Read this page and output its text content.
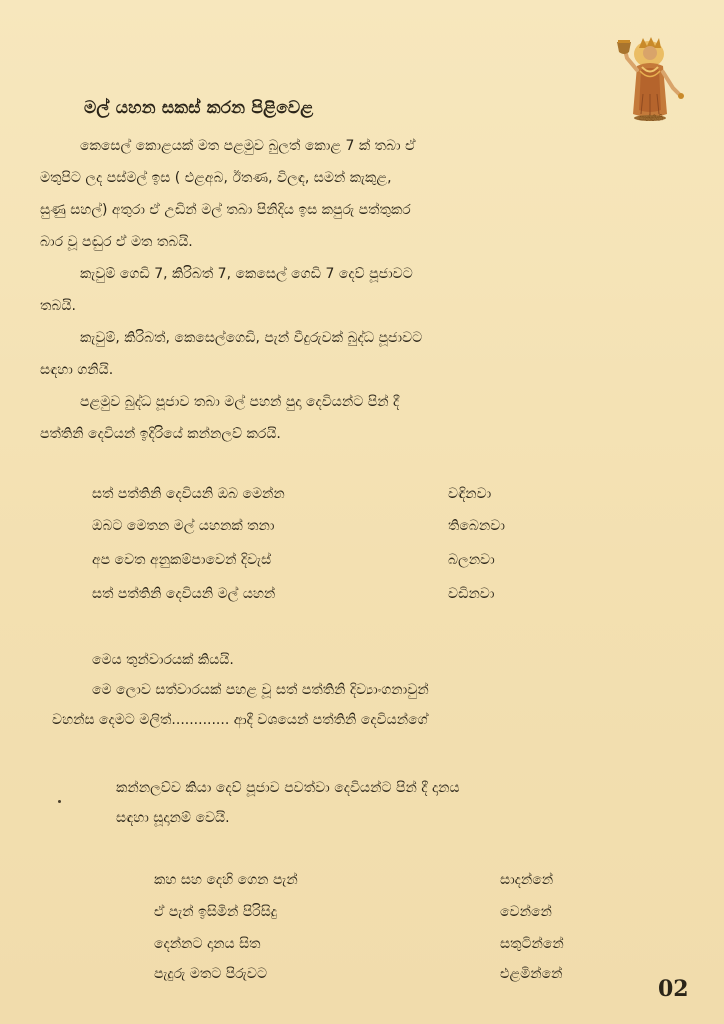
පත්තිනි
මල් යහන සකස් කරන පිළිවෙළ
කෙසෙල් කොළයක් මත පළමුව බුලත් කොළ 7 ක් තබා ඒ
මතුපිට ලද පස්මල් ඉස ( එළඅබ, ඊතණ, විලඳ, සමන් කැකුළ,
සුණු සහල්) අතුරා ඒ උඩින් මල් තබා පිනිදිය ඉස කපුරු පත්තුකර
බාර වූ පඬුර ඒ මත තබයි.
කැවුම් ගෙඩි 7, කිරිබත් 7, කෙසෙල් ගෙඩි 7 දෙව් පූජාවට
තබයි.
කැවුම්, කිරිබත්, කෙසෙල්ගෙඩි, පැන් වීදුරුවක් බුද්ධ පූජාවට
සඳහා ගනියි.
පළමුව බුද්ධ පූජාව තබා මල් පහන් පුදා දෙවියන්ට පින් දී
පත්තිනි දෙවියන් ඉදිරියේ කන්නලව් කරයි.
සත් පත්තිනි දෙවියනි ඔබ මෙන්න	වඳිනවා
ඔබට මෙතන මල් යහනක් තනා	තිබෙනවා
අප වෙත අනුකම්පාවෙන් දිවැස්	බලනවා
සත් පත්තිනි දෙවියනි මල් යහන්	වඩිනවා
මෙය තුන්වාරයක් කියයි.
මෙ ලොව සත්වාරයක් පහළ වූ සත් පත්තිනි දිව්‍යාංගනාවුන්
වහන්ස දෙමට මලිත්............. ආදී වශයෙන් පත්තිනි දෙවියන්ගේ
කන්නලව්ව කියා දෙව් පූජාව පවත්වා දෙවියන්ට පින් දී දානය
සඳහා සූදානම් වෙයි.
කහ සහ දෙහි ගෙන පැන්	සාදන්නේ
ඒ පැන් ඉසිමින් පිරිසිදු	වෙන්නේ
දෙන්නට දානය සිත	සතුටින්නේ
පැදුරු මතට පිරුවට	එළමින්නේ
02
